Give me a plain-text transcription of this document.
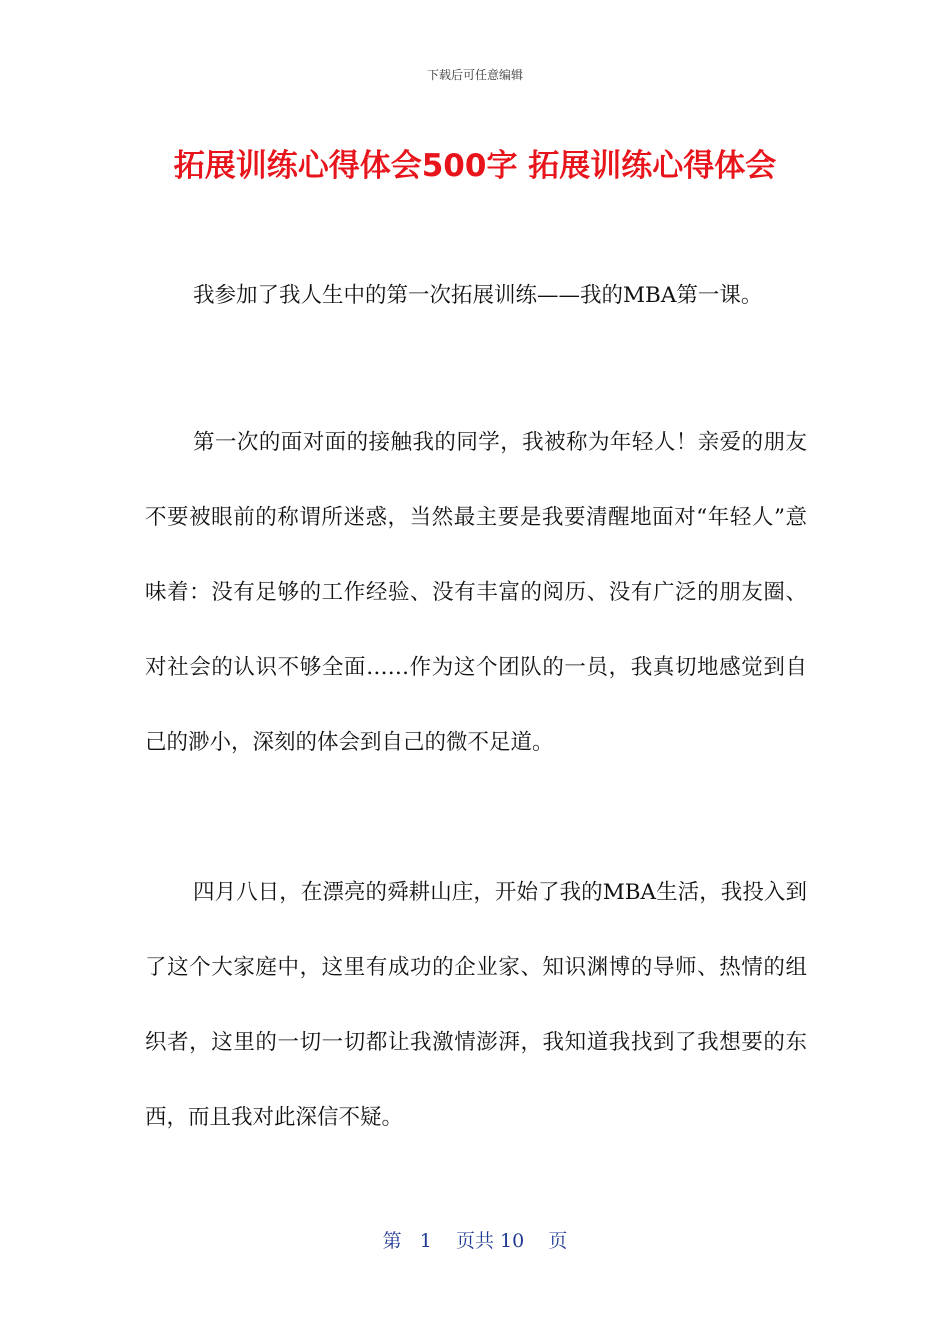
下载后可任意编辑
拓展训练心得体会500字 拓展训练心得体会

我参加了我人生中的第一次拓展训练——我的MBA第一课。

第一次的面对面的接触我的同学，我被称为年轻人！亲爱的朋友不要被眼前的称谓所迷惑，当然最主要是我要清醒地面对“年轻人”意味着：没有足够的工作经验、没有丰富的阅历、没有广泛的朋友圈、对社会的认识不够全面……作为这个团队的一员，我真切地感觉到自己的渺小，深刻的体会到自己的微不足道。

四月八日，在漂亮的舜耕山庄，开始了我的MBA生活，我投入到了这个大家庭中，这里有成功的企业家、知识渊博的导师、热情的组织者，这里的一切一切都让我激情澎湃，我知道我找到了我想要的东西，而且我对此深信不疑。

第 1 页共 10 页
